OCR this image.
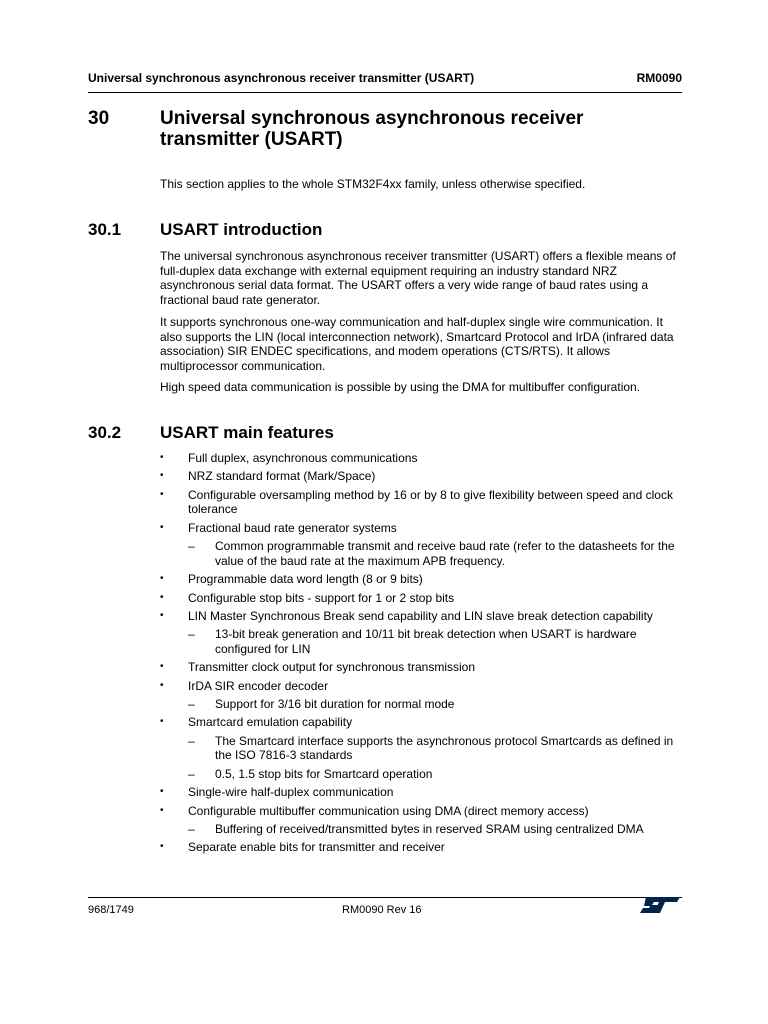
Universal synchronous asynchronous receiver transmitter (USART)	RM0090
30	Universal synchronous asynchronous receiver transmitter (USART)

This section applies to the whole STM32F4xx family, unless otherwise specified.

30.1 USART introduction

The universal synchronous asynchronous receiver transmitter (USART) offers a flexible means of full-duplex data exchange with external equipment requiring an industry standard NRZ asynchronous serial data format. The USART offers a very wide range of baud rates using a fractional baud rate generator.

It supports synchronous one-way communication and half-duplex single wire communication. It also supports the LIN (local interconnection network), Smartcard Protocol and IrDA (infrared data association) SIR ENDEC specifications, and modem operations (CTS/RTS). It allows multiprocessor communication.

High speed data communication is possible by using the DMA for multibuffer configuration.

30.2 USART main features
• Full duplex, asynchronous communications
• NRZ standard format (Mark/Space)
• Configurable oversampling method by 16 or by 8 to give flexibility between speed and clock tolerance
• Fractional baud rate generator systems
– Common programmable transmit and receive baud rate (refer to the datasheets for the value of the baud rate at the maximum APB frequency.
• Programmable data word length (8 or 9 bits)
• Configurable stop bits - support for 1 or 2 stop bits
• LIN Master Synchronous Break send capability and LIN slave break detection capability
– 13-bit break generation and 10/11 bit break detection when USART is hardware configured for LIN
• Transmitter clock output for synchronous transmission
• IrDA SIR encoder decoder
– Support for 3/16 bit duration for normal mode
• Smartcard emulation capability
– The Smartcard interface supports the asynchronous protocol Smartcards as defined in the ISO 7816-3 standards
– 0.5, 1.5 stop bits for Smartcard operation
• Single-wire half-duplex communication
• Configurable multibuffer communication using DMA (direct memory access)
– Buffering of received/transmitted bytes in reserved SRAM using centralized DMA
• Separate enable bits for transmitter and receiver
968/1749	RM0090 Rev 16
